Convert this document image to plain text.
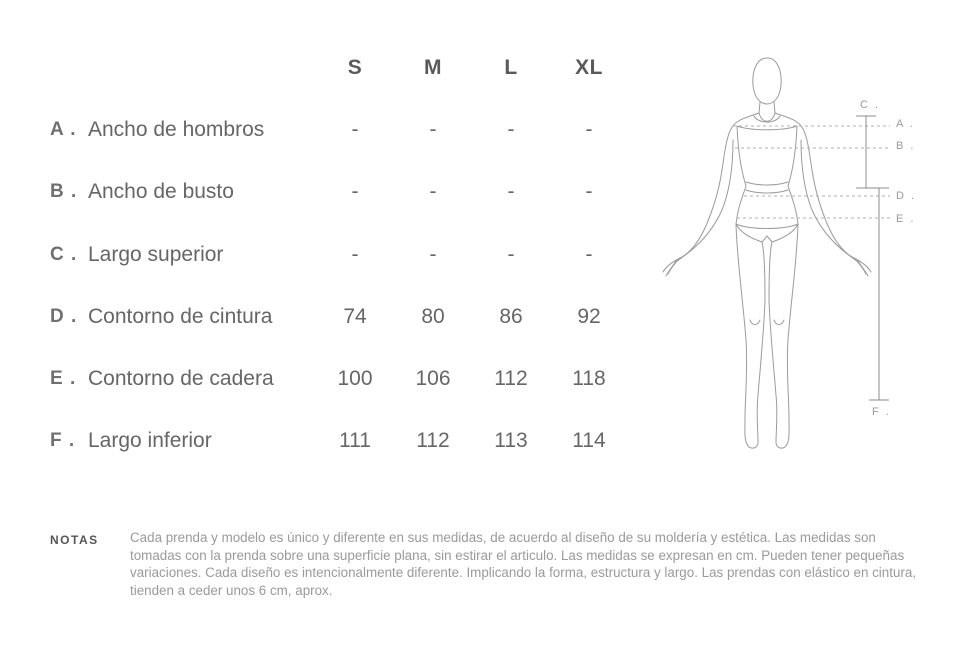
S	M	L	XL
A . Ancho de hombros	-	-	-	-
B . Ancho de busto	-	-	-	-
C . Largo superior	-	-	-	-
D . Contorno de cintura	74	80	86	92
E . Contorno de cadera	100	106	112	118
F . Largo inferior	111	112	113	114
C .
A .
B .
D .
E .
F .
NOTAS Cada prenda y modelo es único y diferente en sus medidas, de acuerdo al diseño de su moldería y estética. Las medidas son tomadas con la prenda sobre una superficie plana, sin estirar el articulo. Las medidas se expresan en cm. Pueden tener pequeñas variaciones. Cada diseño es intencionalmente diferente. Implicando la forma, estructura y largo. Las prendas con elástico en cintura, tienden a ceder unos 6 cm, aprox.
